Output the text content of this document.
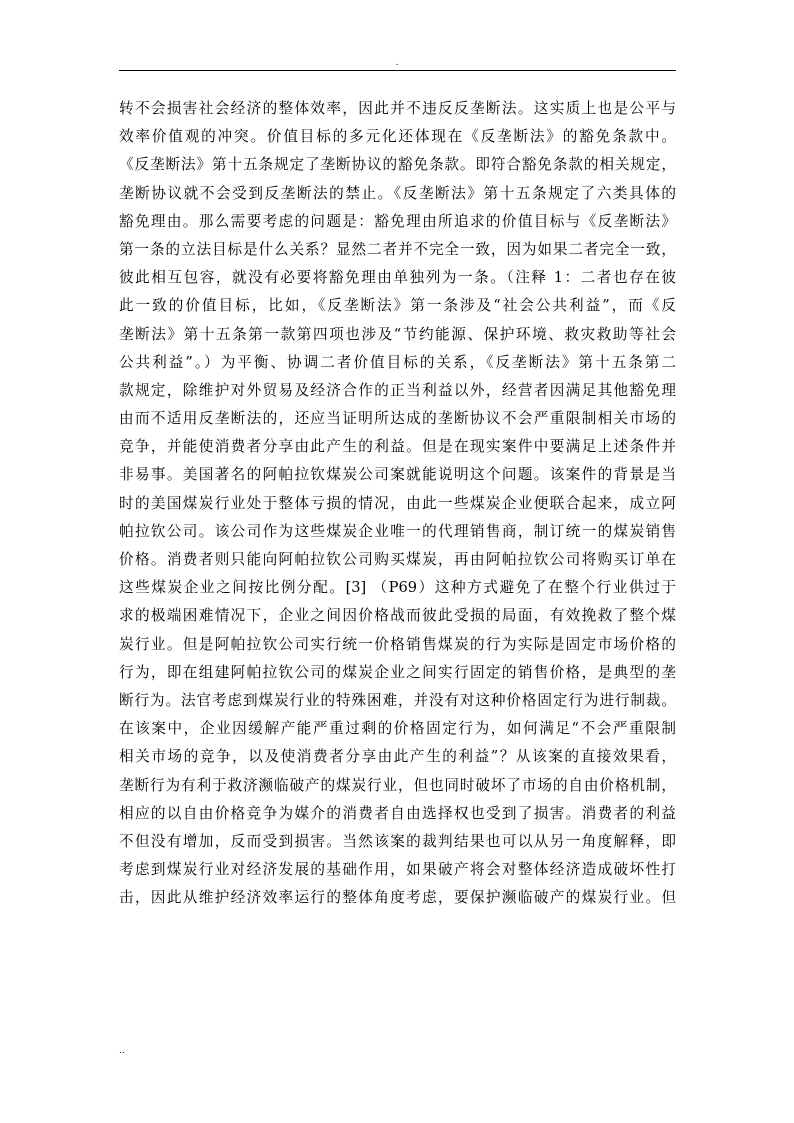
.
转不会损害社会经济的整体效率，因此并不违反反垄断法。这实质上也是公平与
效率价值观的冲突。价值目标的多元化还体现在《反垄断法》的豁免条款中。
《反垄断法》第十五条规定了垄断协议的豁免条款。即符合豁免条款的相关规定，
垄断协议就不会受到反垄断法的禁止。《反垄断法》第十五条规定了六类具体的
豁免理由。那么需要考虑的问题是：豁免理由所追求的价值目标与《反垄断法》
第一条的立法目标是什么关系？显然二者并不完全一致，因为如果二者完全一致，
彼此相互包容，就没有必要将豁免理由单独列为一条。（注释 1：二者也存在彼
此一致的价值目标，比如，《反垄断法》第一条涉及“社会公共利益”，而《反
垄断法》第十五条第一款第四项也涉及“节约能源、保护环境、救灾救助等社会
公共利益”。）为平衡、协调二者价值目标的关系，《反垄断法》第十五条第二
款规定，除维护对外贸易及经济合作的正当利益以外，经营者因满足其他豁免理
由而不适用反垄断法的，还应当证明所达成的垄断协议不会严重限制相关市场的
竞争，并能使消费者分享由此产生的利益。但是在现实案件中要满足上述条件并
非易事。美国著名的阿帕拉钦煤炭公司案就能说明这个问题。该案件的背景是当
时的美国煤炭行业处于整体亏损的情况，由此一些煤炭企业便联合起来，成立阿
帕拉钦公司。该公司作为这些煤炭企业唯一的代理销售商，制订统一的煤炭销售
价格。消费者则只能向阿帕拉钦公司购买煤炭，再由阿帕拉钦公司将购买订单在
这些煤炭企业之间按比例分配。[3] （P69）这种方式避免了在整个行业供过于
求的极端困难情况下，企业之间因价格战而彼此受损的局面，有效挽救了整个煤
炭行业。但是阿帕拉钦公司实行统一价格销售煤炭的行为实际是固定市场价格的
行为，即在组建阿帕拉钦公司的煤炭企业之间实行固定的销售价格，是典型的垄
断行为。法官考虑到煤炭行业的特殊困难，并没有对这种价格固定行为进行制裁。
在该案中，企业因缓解产能严重过剩的价格固定行为，如何满足“不会严重限制
相关市场的竞争，以及使消费者分享由此产生的利益”？从该案的直接效果看，
垄断行为有利于救济濒临破产的煤炭行业，但也同时破坏了市场的自由价格机制，
相应的以自由价格竞争为媒介的消费者自由选择权也受到了损害。消费者的利益
不但没有增加，反而受到损害。当然该案的裁判结果也可以从另一角度解释，即
考虑到煤炭行业对经济发展的基础作用，如果破产将会对整体经济造成破坏性打
击，因此从维护经济效率运行的整体角度考虑，要保护濒临破产的煤炭行业。但
..
